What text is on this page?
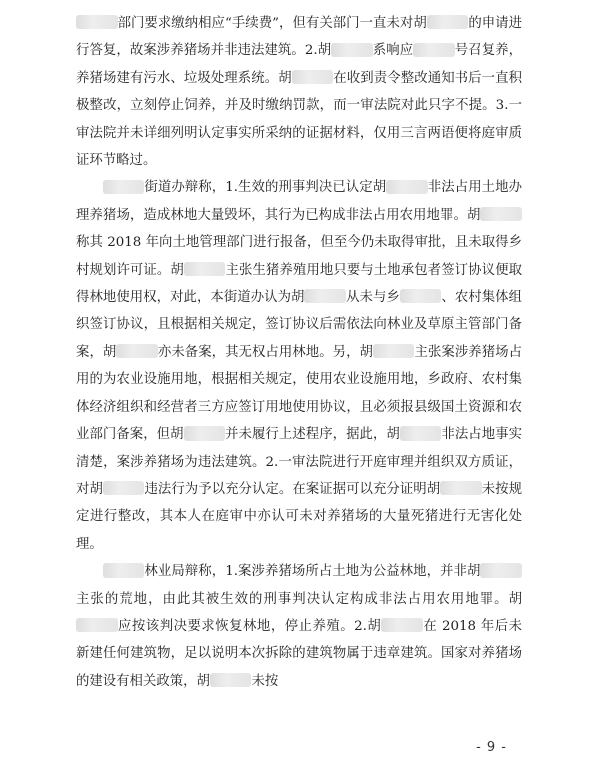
部门要求缴纳相应“手续费”，但有关部门一直未对胡	的申请进行答复，故案涉养猪场并非违法建筑。2.胡	系响应	号召复养，养猪场建有污水、垃圾处理系统。胡	在收到责令整改通知书后一直积极整改，立刻停止饲养，并及时缴纳罚款，而一审法院对此只字不提。3.一审法院并未详细列明认定事实所采纳的证据材料，仅用三言两语便将庭审质证环节略过。

街道办辩称，1.生效的刑事判决已认定胡	非法占用土地办理养猪场，造成林地大量毁坏，其行为已构成非法占用农用地罪。胡称其 2018 年向土地管理部门进行报备，但至今仍未取得审批，且未取得乡村规划许可证。胡	主张生猪养殖用地只要与土地承包者签订协议便取得林地使用权，对此，本街道办认为胡	从未与乡	、农村集体组织签订协议，且根据相关规定，签订协议后需依法向林业及草原主管部门备案，胡	亦未备案，其无权占用林地。另，胡	主张案涉养猪场占用的为农业设施用地，根据相关规定，使用农业设施用地，乡政府、农村集体经济组织和经营者三方应签订用地使用协议，且必须报县级国土资源和农业部门备案，但胡	并未履行上述程序，据此，胡	非法占地事实清楚，案涉养猪场为违法建筑。2.一审法院进行开庭审理并组织双方质证，对胡	违法行为予以充分认定。在案证据可以充分证明胡	未按规定进行整改，其本人在庭审中亦认可未对养猪场的大量死猪进行无害化处理。

林业局辩称，1.案涉养猪场所占土地为公益林地，并非胡主张的荒地，由此其被生效的刑事判决认定构成非法占用农用地罪。胡应按该判决要求恢复林地，停止养殖。2.胡	在 2018 年后未新建任何建筑物，足以说明本次拆除的建筑物属于违章建筑。国家对养猪场的建设有相关政策，胡	未按

- 9 -
